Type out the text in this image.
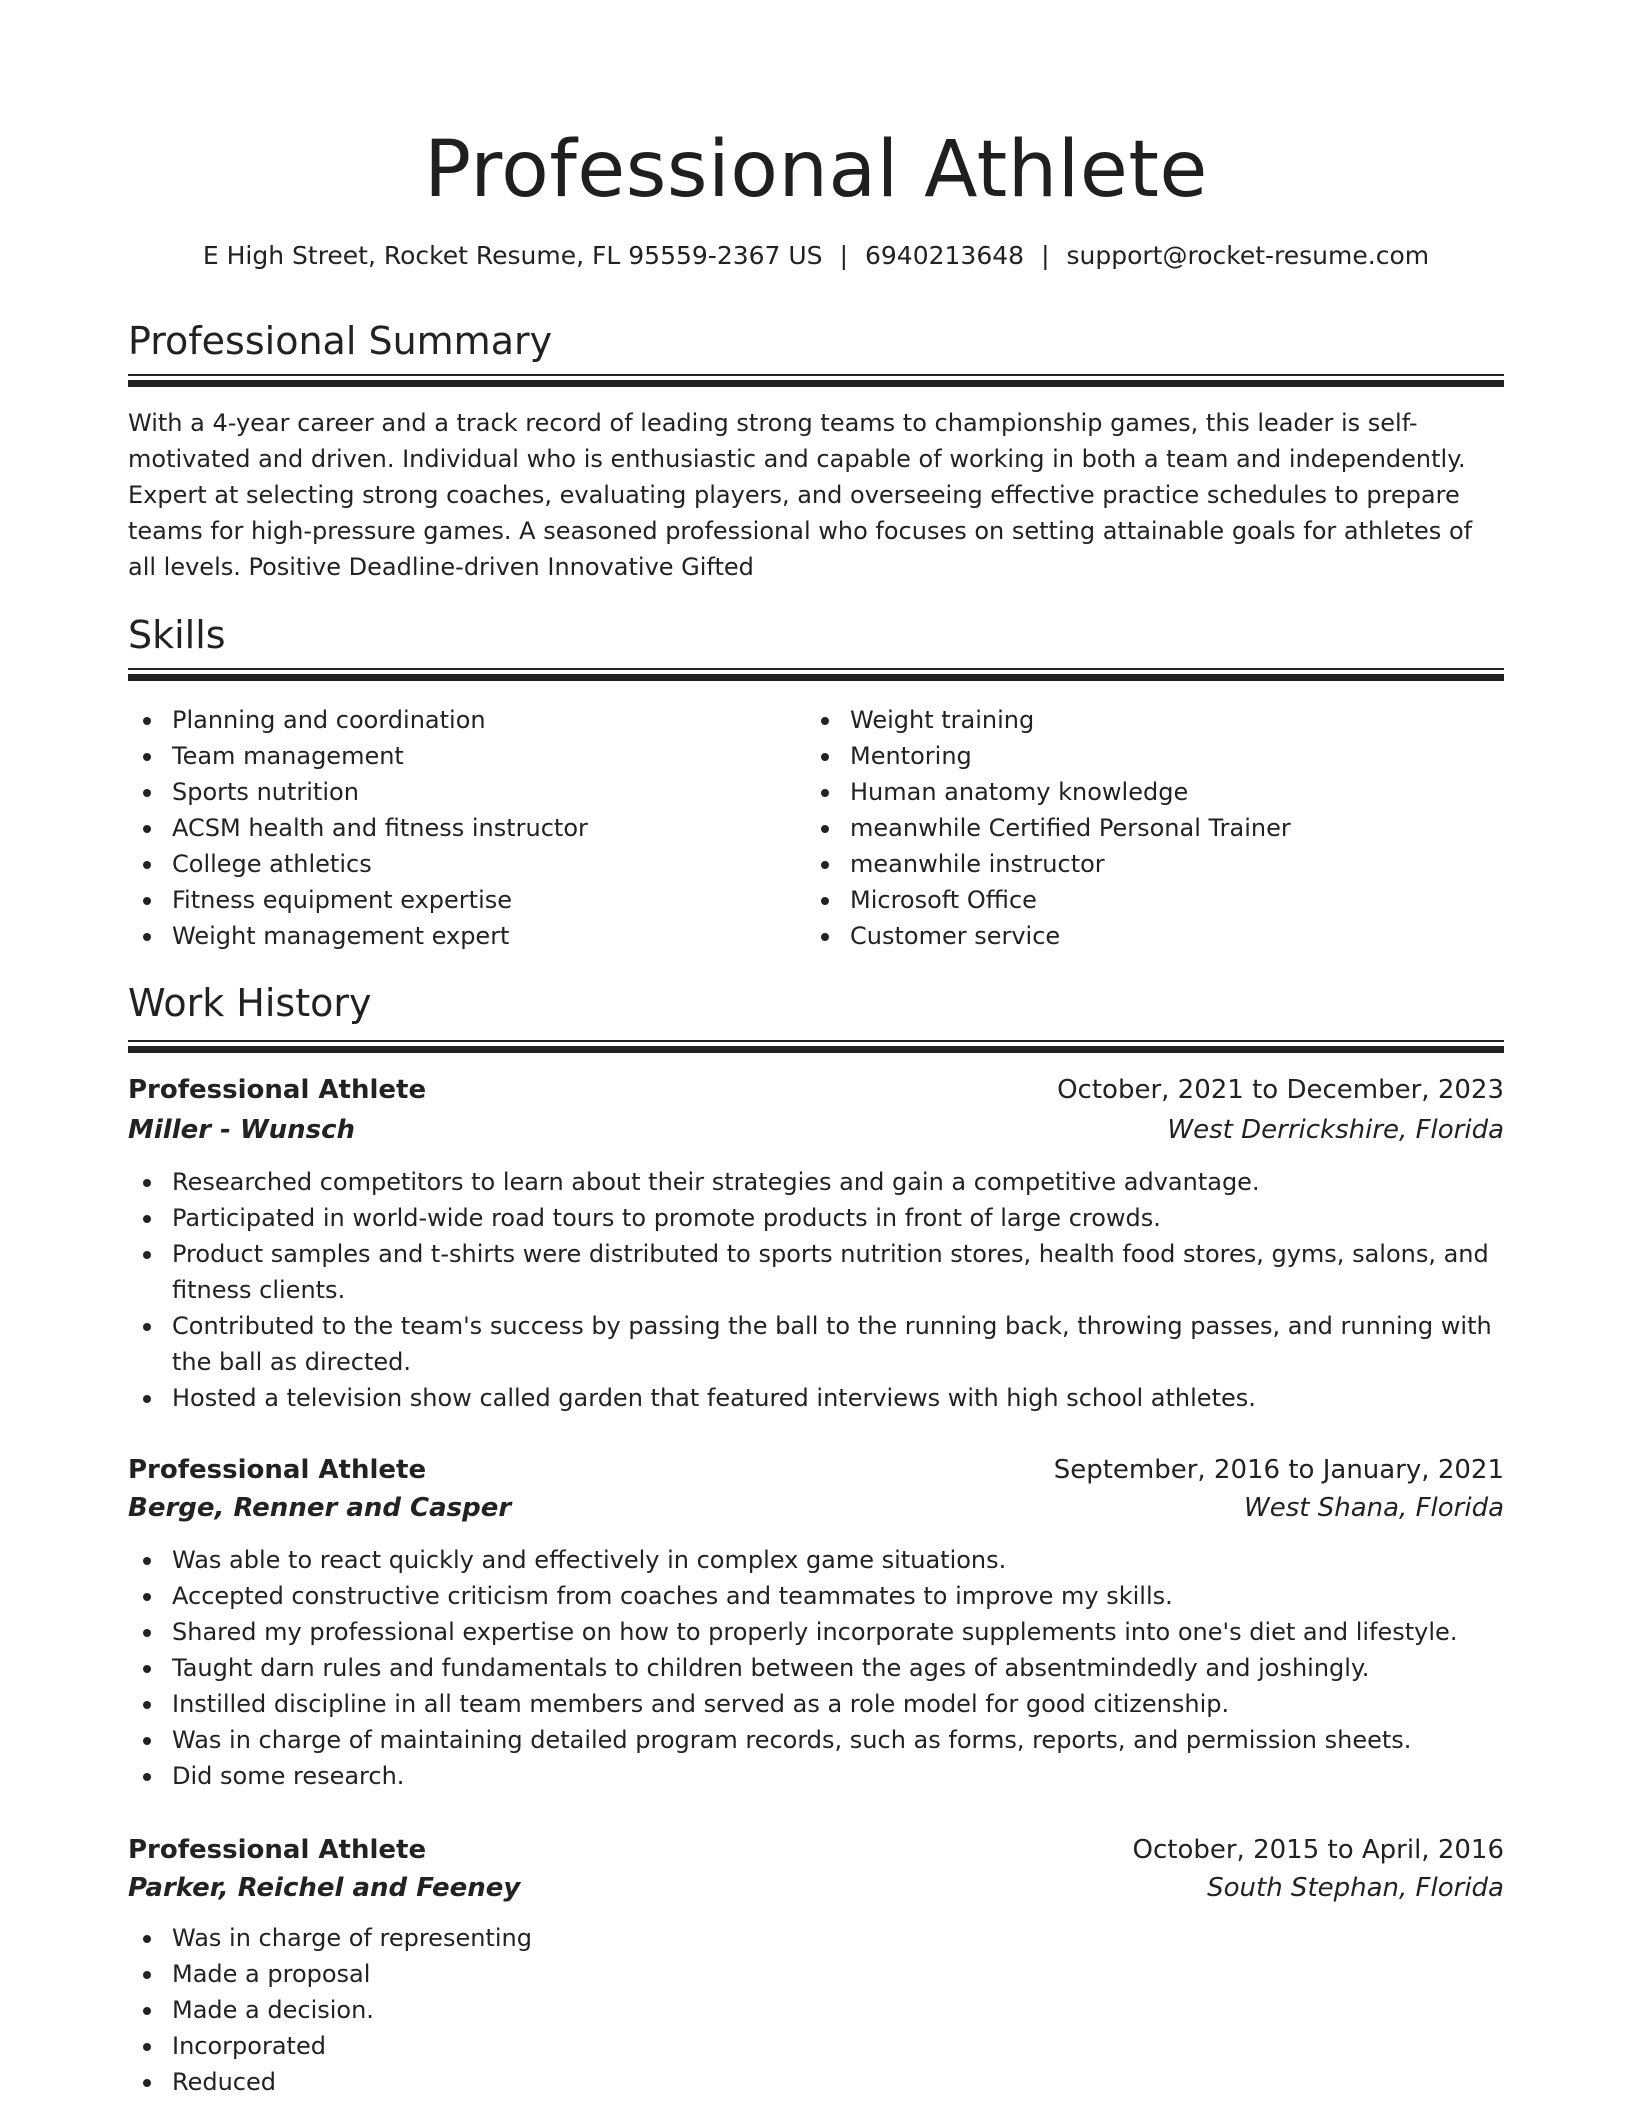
Professional Athlete
E High Street, Rocket Resume, FL 95559-2367 US | 6940213648 | support@rocket-resume.com
Professional Summary
With a 4-year career and a track record of leading strong teams to championship games, this leader is self-motivated and driven. Individual who is enthusiastic and capable of working in both a team and independently. Expert at selecting strong coaches, evaluating players, and overseeing effective practice schedules to prepare teams for high-pressure games. A seasoned professional who focuses on setting attainable goals for athletes of all levels. Positive Deadline-driven Innovative Gifted
Skills
Planning and coordination
Team management
Sports nutrition
ACSM health and fitness instructor
College athletics
Fitness equipment expertise
Weight management expert
Weight training
Mentoring
Human anatomy knowledge
meanwhile Certified Personal Trainer
meanwhile instructor
Microsoft Office
Customer service
Work History
Professional Athlete	October, 2021 to December, 2023
Miller - Wunsch	West Derrickshire, Florida
Researched competitors to learn about their strategies and gain a competitive advantage.
Participated in world-wide road tours to promote products in front of large crowds.
Product samples and t-shirts were distributed to sports nutrition stores, health food stores, gyms, salons, and fitness clients.
Contributed to the team's success by passing the ball to the running back, throwing passes, and running with the ball as directed.
Hosted a television show called garden that featured interviews with high school athletes.
Professional Athlete	September, 2016 to January, 2021
Berge, Renner and Casper	West Shana, Florida
Was able to react quickly and effectively in complex game situations.
Accepted constructive criticism from coaches and teammates to improve my skills.
Shared my professional expertise on how to properly incorporate supplements into one's diet and lifestyle.
Taught darn rules and fundamentals to children between the ages of absentmindedly and joshingly.
Instilled discipline in all team members and served as a role model for good citizenship.
Was in charge of maintaining detailed program records, such as forms, reports, and permission sheets.
Did some research.
Professional Athlete	October, 2015 to April, 2016
Parker, Reichel and Feeney	South Stephan, Florida
Was in charge of representing
Made a proposal
Made a decision.
Incorporated
Reduced
